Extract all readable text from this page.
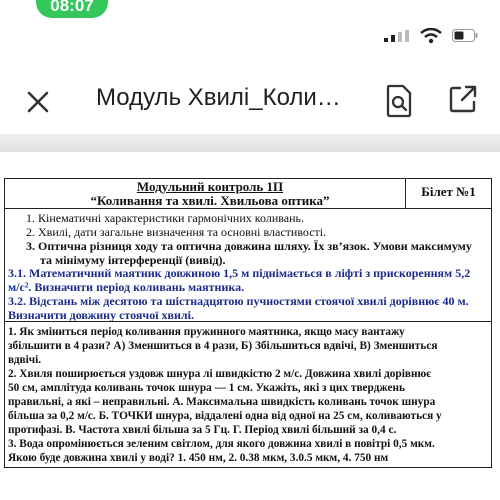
08:07
Модуль Хвилі_Коли…
Модульний контроль 1П
“Коливання та хвилі. Хвильова оптика”
Білет №1
1. Кінематичні характеристики гармонічних коливань.
2. Хвилі, дати загальне визначення та основні властивості.
3. Оптична різниця ходу та оптична довжина шляху. Їх зв’язок. Умови максимуму
та мінімуму інтерференції (вивід).
3.1. Математичний маятник довжиною 1,5 м піднімається в ліфті з прискоренням 5,2
м/с². Визначити період коливань маятника.
3.2. Відстань між десятою та шістнадцятою пучностями стоячої хвилі дорівнює 40 м.
Визначити довжину стоячої хвилі.
1. Як зміниться період коливання пружинного маятника, якщо масу вантажу
збільшити в 4 рази? А) Зменшиться в 4 рази, Б) Збільшиться вдвічі, В) Зменшиться
вдвічі.
2. Хвиля поширюється уздовж шнура лі швидкістю 2 м/с. Довжина хвилі дорівнює
50 см, амплітуда коливань точок шнура — 1 см. Укажіть, які з цих тверджень
правильні, а які – неправильні. А. Максимальна швидкість коливань точок шнура
більша за 0,2 м/с. Б. ТОЧКИ шнура, віддалені одна від одної на 25 см, коливаються у
протифазі. В. Частота хвилі більша за 5 Гц. Г. Період хвилі більший за 0,4 с.
3. Вода опромінюється зеленим світлом, для якого довжина хвилі в повітрі 0,5 мкм.
Якою буде довжина хвилі у воді? 1. 450 нм, 2. 0.38 мкм, 3.0.5 мкм, 4. 750 нм
